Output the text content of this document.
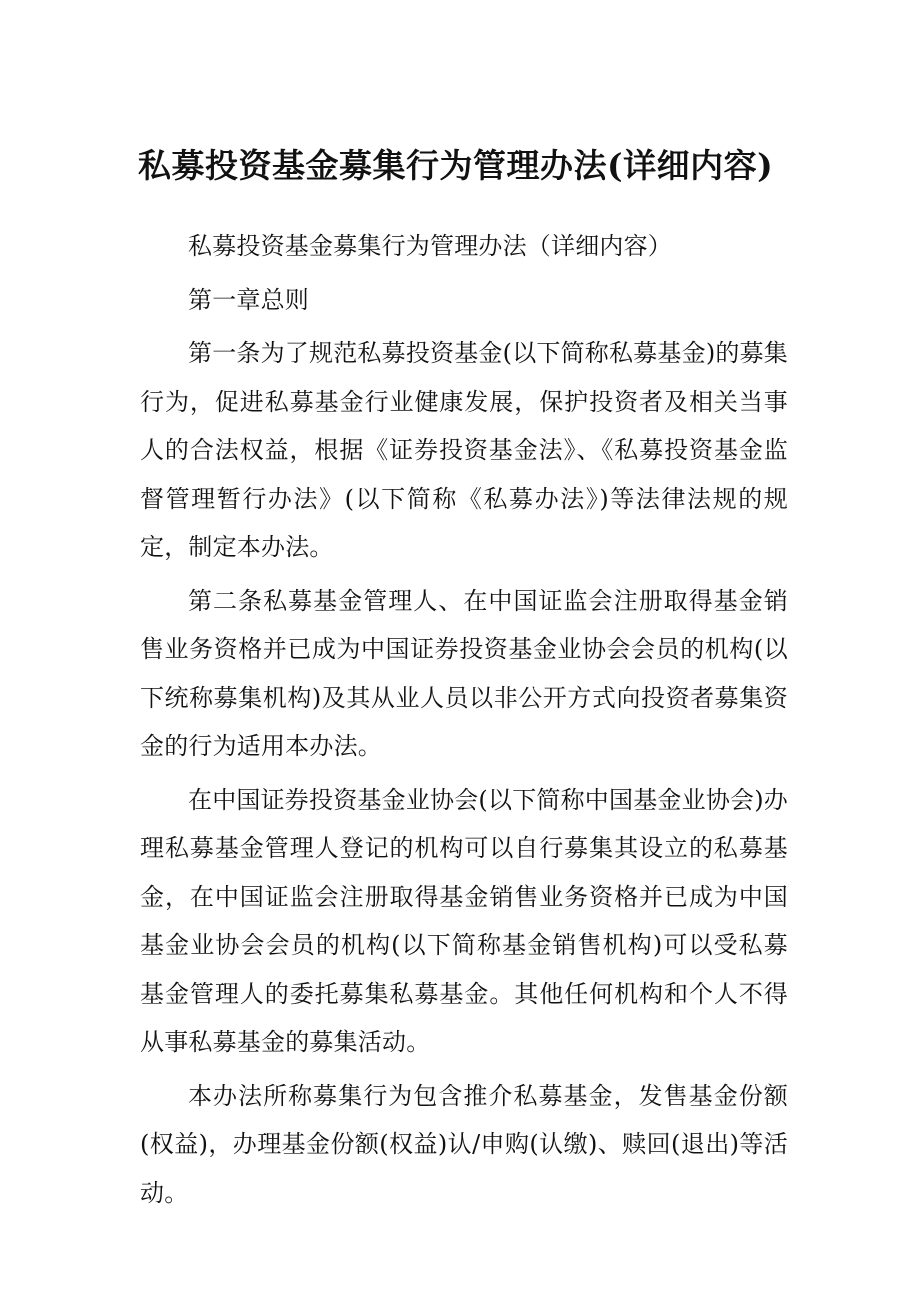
私募投资基金募集行为管理办法(详细内容)

私募投资基金募集行为管理办法（详细内容）

第一章总则

第一条为了规范私募投资基金(以下简称私募基金)的募集行为，促进私募基金行业健康发展，保护投资者及相关当事人的合法权益，根据《证券投资基金法》、《私募投资基金监督管理暂行办法》(以下简称《私募办法》)等法律法规的规定，制定本办法。

第二条私募基金管理人、在中国证监会注册取得基金销售业务资格并已成为中国证券投资基金业协会会员的机构(以下统称募集机构)及其从业人员以非公开方式向投资者募集资金的行为适用本办法。

在中国证券投资基金业协会(以下简称中国基金业协会)办理私募基金管理人登记的机构可以自行募集其设立的私募基金，在中国证监会注册取得基金销售业务资格并已成为中国基金业协会会员的机构(以下简称基金销售机构)可以受私募基金管理人的委托募集私募基金。其他任何机构和个人不得从事私募基金的募集活动。

本办法所称募集行为包含推介私募基金，发售基金份额(权益)，办理基金份额(权益)认/申购(认缴)、赎回(退出)等活动。
